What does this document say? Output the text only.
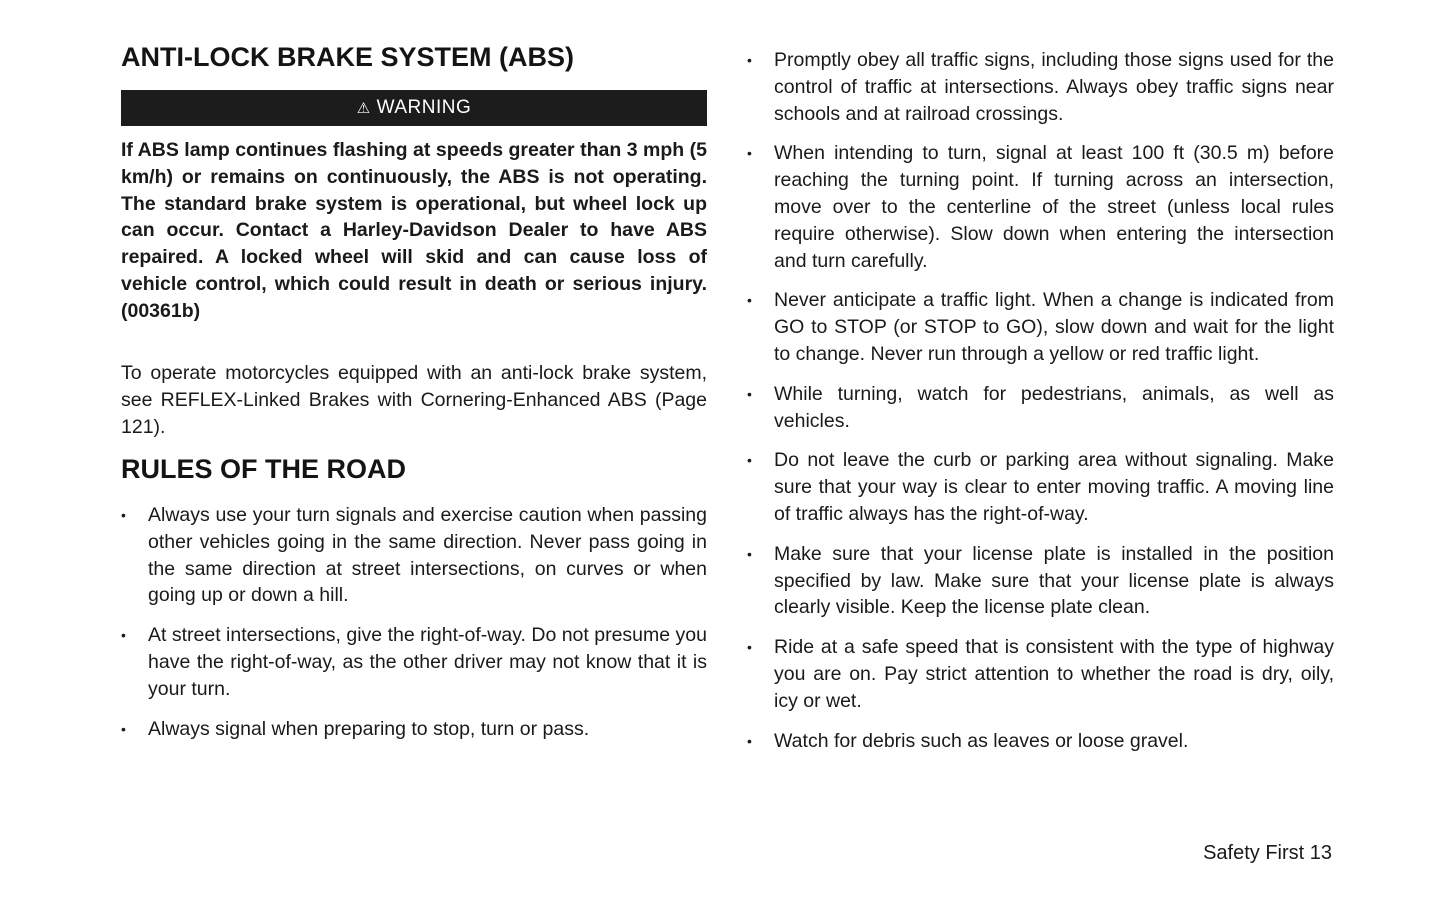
ANTI-LOCK BRAKE SYSTEM (ABS)
⚠ WARNING

If ABS lamp continues flashing at speeds greater than 3 mph (5 km/h) or remains on continuously, the ABS is not operating. The standard brake system is operational, but wheel lock up can occur. Contact a Harley-Davidson Dealer to have ABS repaired. A locked wheel will skid and can cause loss of vehicle control, which could result in death or serious injury. (00361b)

To operate motorcycles equipped with an anti-lock brake system, see REFLEX-Linked Brakes with Cornering-Enhanced ABS (Page 121).

RULES OF THE ROAD
• Always use your turn signals and exercise caution when passing other vehicles going in the same direction. Never pass going in the same direction at street intersections, on curves or when going up or down a hill.
• At street intersections, give the right-of-way. Do not presume you have the right-of-way, as the other driver may not know that it is your turn.
• Always signal when preparing to stop, turn or pass.
• Promptly obey all traffic signs, including those signs used for the control of traffic at intersections. Always obey traffic signs near schools and at railroad crossings.
• When intending to turn, signal at least 100 ft (30.5 m) before reaching the turning point. If turning across an intersection, move over to the centerline of the street (unless local rules require otherwise). Slow down when entering the intersection and turn carefully.
• Never anticipate a traffic light. When a change is indicated from GO to STOP (or STOP to GO), slow down and wait for the light to change. Never run through a yellow or red traffic light.
• While turning, watch for pedestrians, animals, as well as vehicles.
• Do not leave the curb or parking area without signaling. Make sure that your way is clear to enter moving traffic. A moving line of traffic always has the right-of-way.
• Make sure that your license plate is installed in the position specified by law. Make sure that your license plate is always clearly visible. Keep the license plate clean.
• Ride at a safe speed that is consistent with the type of highway you are on. Pay strict attention to whether the road is dry, oily, icy or wet.
• Watch for debris such as leaves or loose gravel.
Safety First 13
